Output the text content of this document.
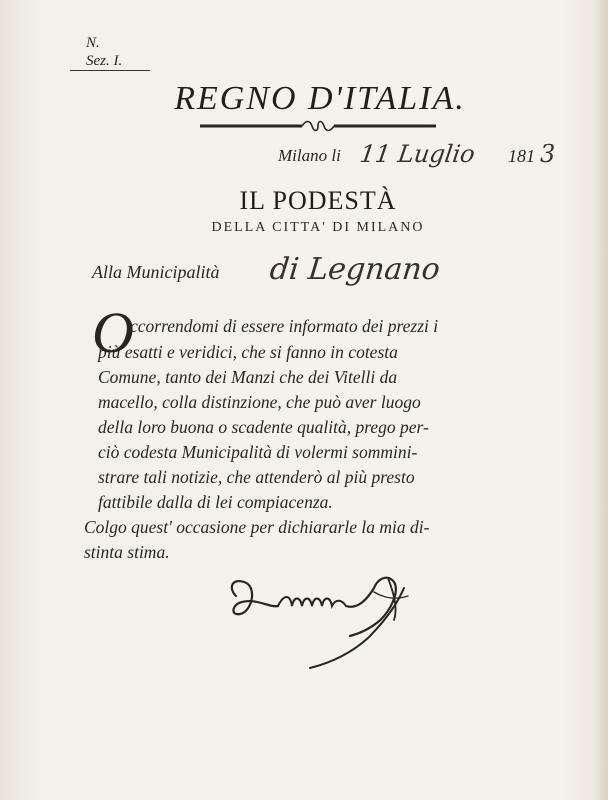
N.
Sez. I.
REGNO D'ITALIA.
Milano li 11 Luglio 181 3
IL PODESTÀ
DELLA CITTA' DI MILANO
Alla Municipalità di Legnano
O
ccorrendomi di essere informato dei prezzi i
più esatti e veridici, che si fanno in cotesta
Comune, tanto dei Manzi che dei Vitelli da
macello, colla distinzione, che può aver luogo
della loro buona o scadente qualità, prego per-
ciò codesta Municipalità di volermi sommini-
strare tali notizie, che attenderò al più presto
fattibile dalla di lei compiacenza.
Colgo quest' occasione per dichiararle la mia di-
stinta stima.
